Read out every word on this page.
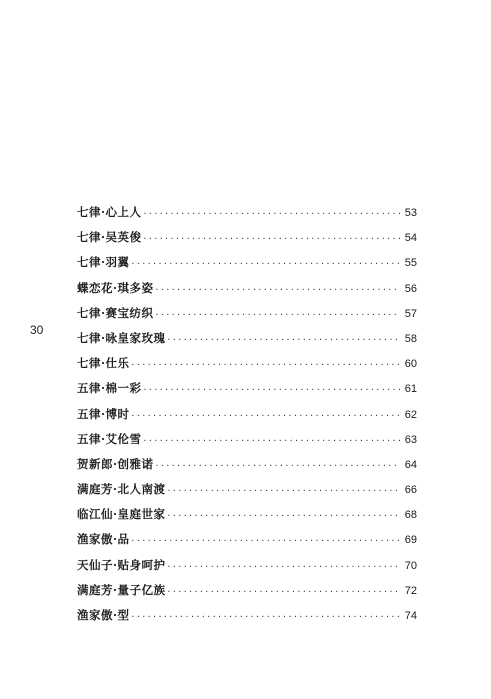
30
七律·心上人 ·····	53
七律·吴英俊 ·····	54
七律·羽翼 ·····	55
蝶恋花·琪多姿 ·····	56
七律·赛宝纺织 ·····	57
七律·咏皇家玫瑰 ·····	58
七律·仕乐 ·····	60
五律·棉一彩 ·····	61
五律·博时 ·····	62
五律·艾伦雪 ·····	63
贺新郎·创雅诺 ·····	64
满庭芳·北人南渡 ·····	66
临江仙·皇庭世家 ·····	68
渔家傲·品 ·····	69
天仙子·贴身呵护 ·····	70
满庭芳·量子亿族 ·····	72
渔家傲·型 ·····	74
